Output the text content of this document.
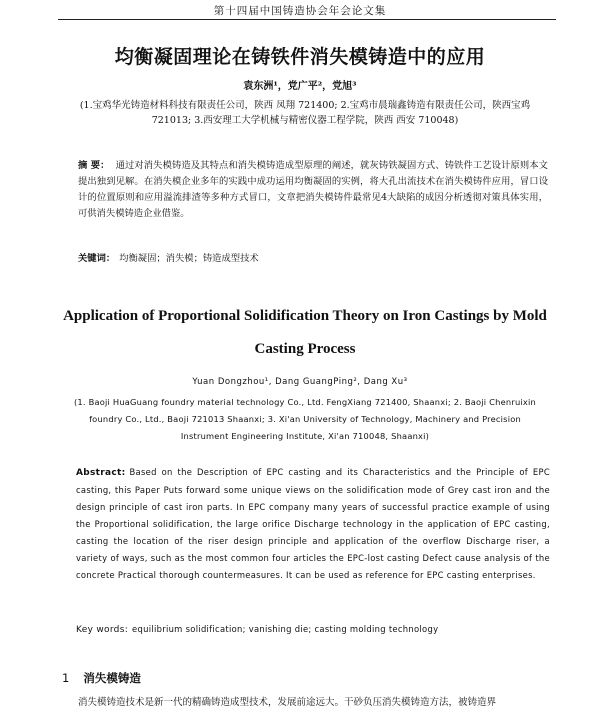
第十四届中国铸造协会年会论文集
均衡凝固理论在铸铁件消失模铸造中的应用
袁东洲¹，党广平²，党旭³
(1.宝鸡华光铸造材料科技有限责任公司，陕西 凤翔 721400; 2.宝鸡市晨瑞鑫铸造有限责任公司，陕西宝鸡 721013; 3.西安理工大学机械与精密仪器工程学院，陕西 西安 710048)
摘 要： 通过对消失模铸造及其特点和消失模铸造成型原理的阐述，就灰铸铁凝固方式、铸铁件工艺设计原则本文提出独到见解。在消失模企业多年的实践中成功运用均衡凝固的实例，将大孔出流技术在消失模铸件应用，冒口设计的位置原则和应用溢流排渣等多种方式冒口，文章把消失模铸件最常见4大缺陷的成因分析透彻对策具体实用，可供消失模铸造企业借鉴。
关键词： 均衡凝固；消失模；铸造成型技术
Application of Proportional Solidification Theory on Iron Castings by Mold Casting Process
Yuan Dongzhou¹, Dang GuangPing², Dang Xu³
(1. Baoji HuaGuang foundry material technology Co., Ltd. FengXiang 721400, Shaanxi; 2. Baoji Chenruixin foundry Co., Ltd., Baoji 721013 Shaanxi; 3. Xi'an University of Technology, Machinery and Precision Instrument Engineering Institute, Xi'an 710048, Shaanxi)
Abstract: Based on the Description of EPC casting and its Characteristics and the Principle of EPC casting, this Paper Puts forward some unique views on the solidification mode of Grey cast iron and the design principle of cast iron parts. In EPC company many years of successful practice example of using the Proportional solidification, the large orifice Discharge technology in the application of EPC casting, casting the location of the riser design principle and application of the overflow Discharge riser, a variety of ways, such as the most common four articles the EPC-lost casting Defect cause analysis of the concrete Practical thorough countermeasures. It can be used as reference for EPC casting enterprises.
Key words: equilibrium solidification; vanishing die; casting molding technology
1 消失模铸造
消失模铸造技术是新一代的精确铸造成型技术，发展前途远大。干砂负压消失模铸造方法，被铸造界
